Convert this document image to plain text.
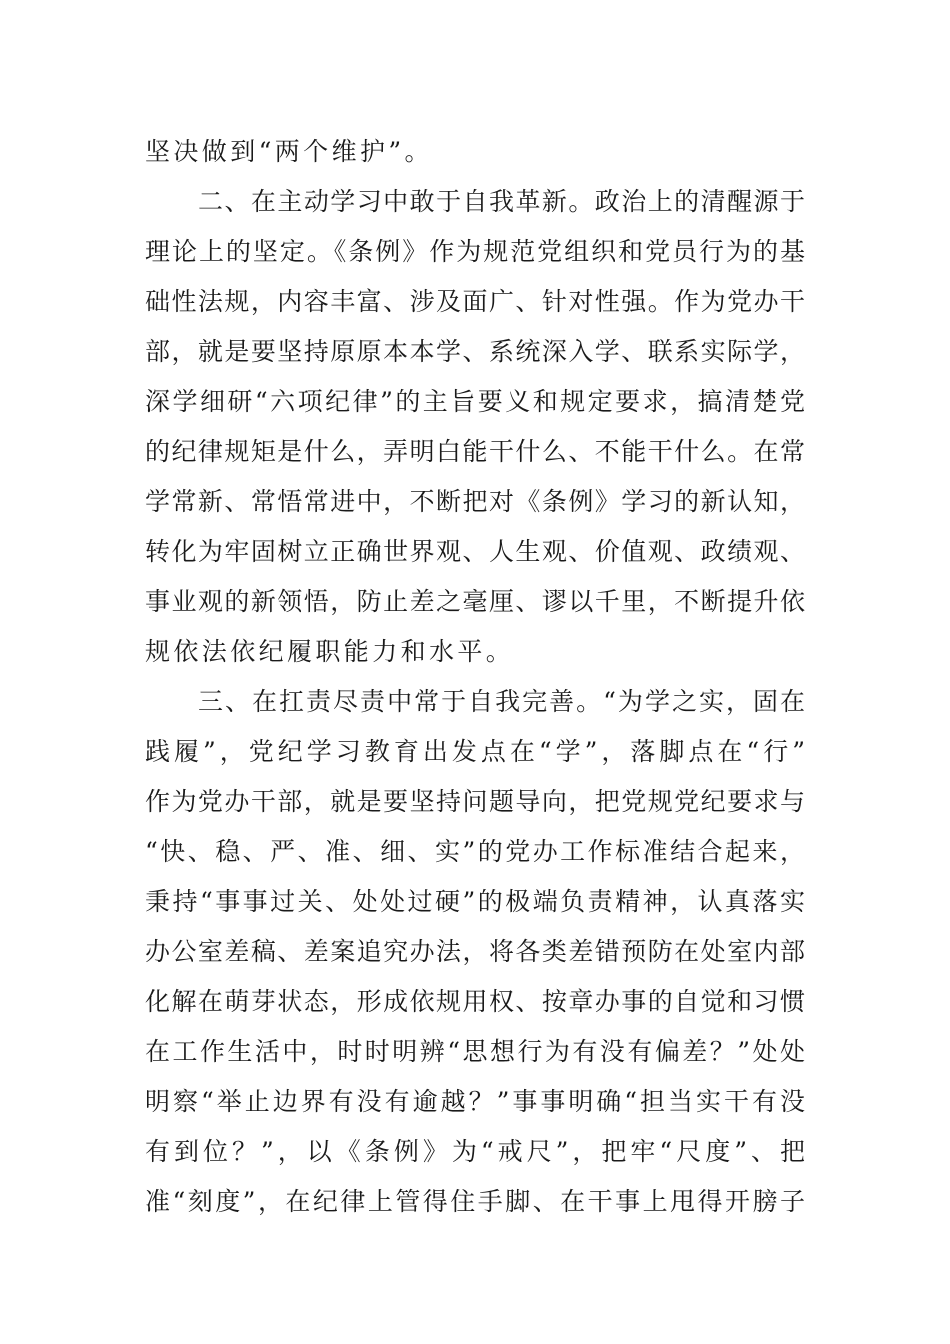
坚决做到“两个维护”。
二、在主动学习中敢于自我革新。政治上的清醒源于
理论上的坚定。《条例》作为规范党组织和党员行为的基
础性法规，内容丰富、涉及面广、针对性强。作为党办干
部，就是要坚持原原本本学、系统深入学、联系实际学，
深学细研“六项纪律”的主旨要义和规定要求，搞清楚党
的纪律规矩是什么，弄明白能干什么、不能干什么。在常
学常新、常悟常进中，不断把对《条例》学习的新认知，
转化为牢固树立正确世界观、人生观、价值观、政绩观、
事业观的新领悟，防止差之毫厘、谬以千里，不断提升依
规依法依纪履职能力和水平。
三、在扛责尽责中常于自我完善。“为学之实，固在
践履”，党纪学习教育出发点在“学”，落脚点在“行”
作为党办干部，就是要坚持问题导向，把党规党纪要求与
“快、稳、严、准、细、实”的党办工作标准结合起来，
秉持“事事过关、处处过硬”的极端负责精神，认真落实
办公室差稿、差案追究办法，将各类差错预防在处室内部
化解在萌芽状态，形成依规用权、按章办事的自觉和习惯
在工作生活中，时时明辨“思想行为有没有偏差？”处处
明察“举止边界有没有逾越？”事事明确“担当实干有没
有到位？”，以《条例》为“戒尺”，把牢“尺度”、把
准“刻度”，在纪律上管得住手脚、在干事上甩得开膀子
